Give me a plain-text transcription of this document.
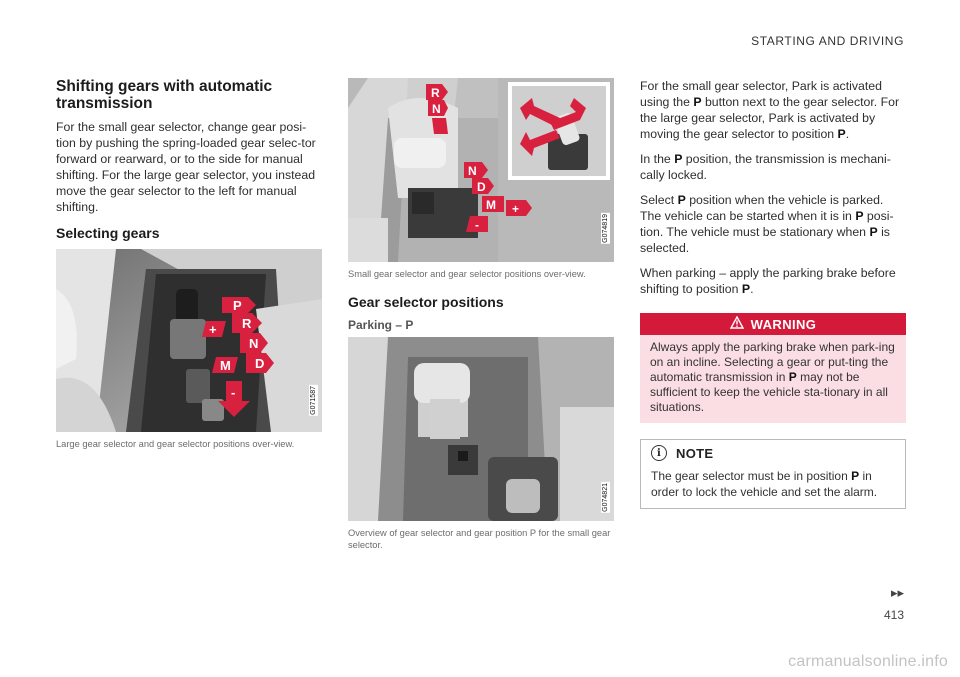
STARTING AND DRIVING
Shifting gears with automatic transmission

For the small gear selector, change gear posi-tion by pushing the spring-loaded gear selec-tor forward or rearward, or to the side for manual shifting. For the large gear selector, you instead move the gear selector to the left for manual shifting.

Selecting gears
P
R
N
D
+
M
-	G071587
Large gear selector and gear selector positions over-view.
R
N
N
D
M +
-	G074819
Small gear selector and gear selector positions over-view.
Gear selector positions
Parking – P
G074821
Overview of gear selector and gear position P for the small gear selector.

For the small gear selector, Park is activated using the P button next to the gear selector. For the large gear selector, Park is activated by moving the gear selector to position P.

In the P position, the transmission is mechani-cally locked.

Select P position when the vehicle is parked. The vehicle can be started when it is in P posi-tion. The vehicle must be stationary when P is selected.

When parking – apply the parking brake before shifting to position P.

WARNING
Always apply the parking brake when park-ing on an incline. Selecting a gear or put-ting the automatic transmission in P may not be sufficient to keep the vehicle sta-tionary in all situations.
i	NOTE
The gear selector must be in position P in order to lock the vehicle and set the alarm.
▸▸
413
carmanualsonline.info
